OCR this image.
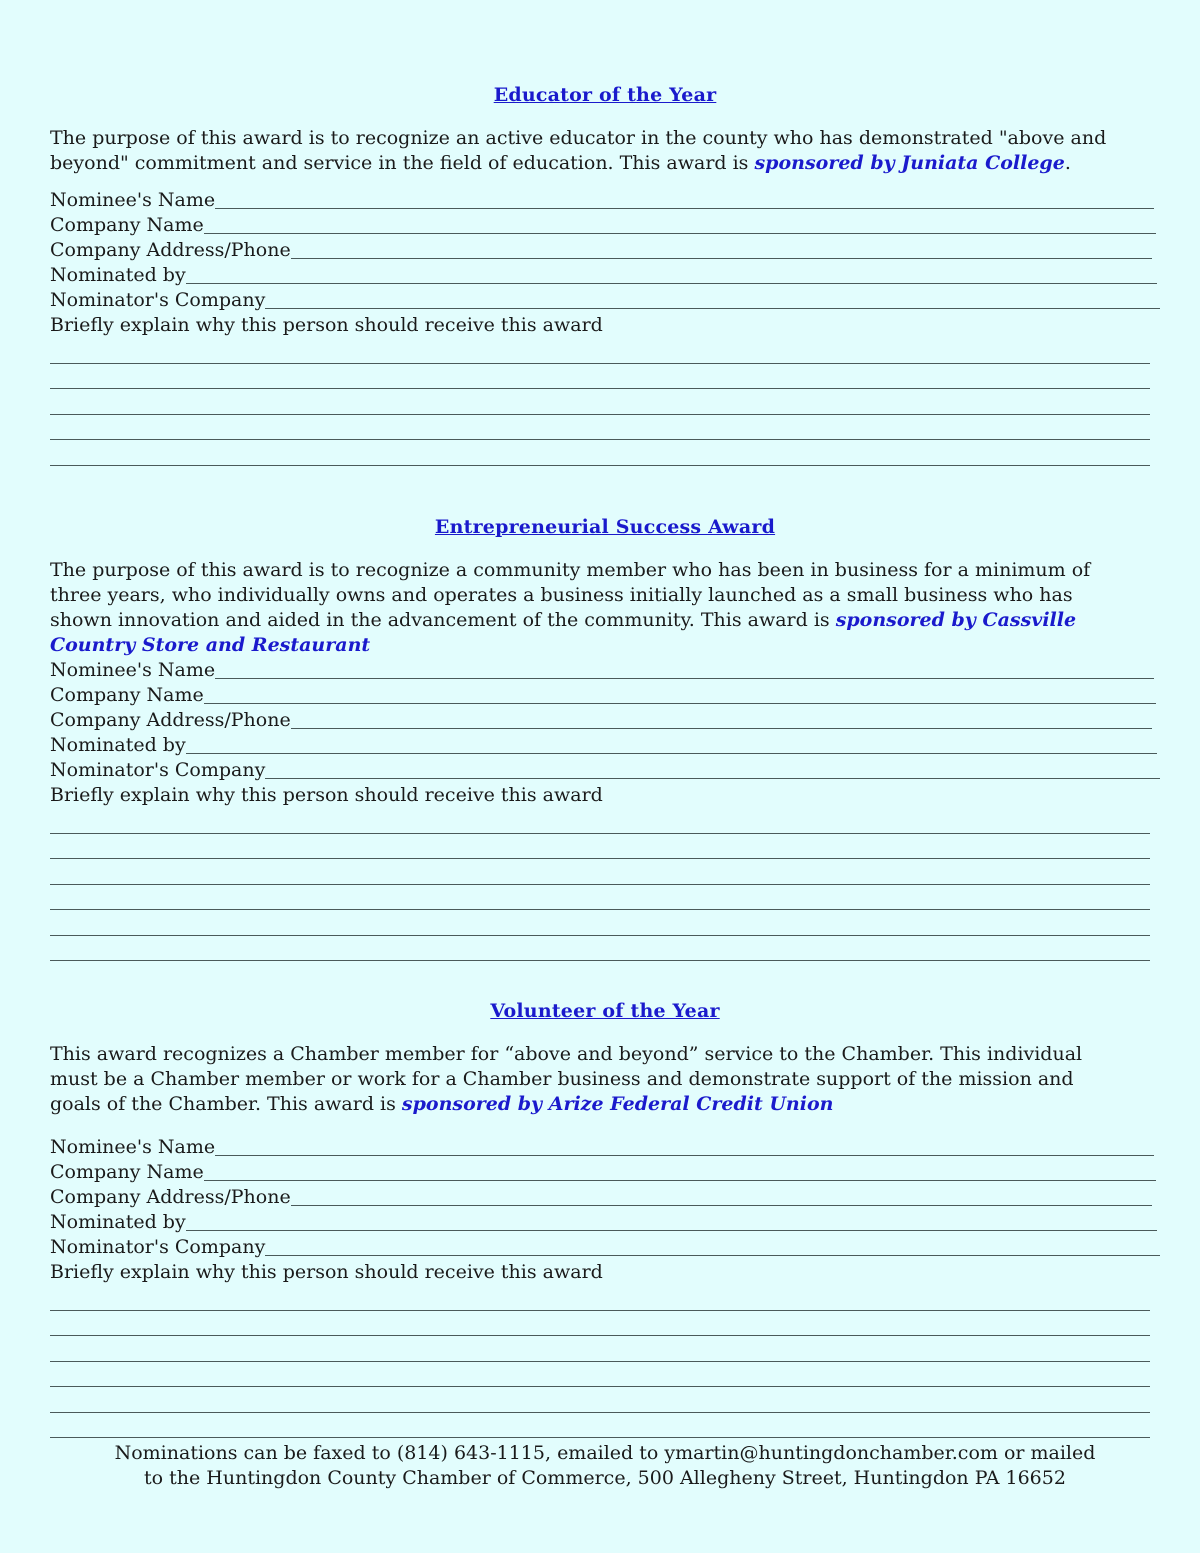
Educator of the Year

The purpose of this award is to recognize an active educator in the county who has demonstrated "above and beyond" commitment and service in the field of education. This award is sponsored by Juniata College.

Nominee's Name
Company Name
Company Address/Phone
Nominated by
Nominator's Company
Briefly explain why this person should receive this award
Entrepreneurial Success Award

The purpose of this award is to recognize a community member who has been in business for a minimum of three years, who individually owns and operates a business initially launched as a small business who has shown innovation and aided in the advancement of the community. This award is sponsored by Cassville Country Store and Restaurant

Nominee's Name
Company Name
Company Address/Phone
Nominated by
Nominator's Company
Briefly explain why this person should receive this award
Volunteer of the Year

This award recognizes a Chamber member for “above and beyond” service to the Chamber. This individual must be a Chamber member or work for a Chamber business and demonstrate support of the mission and goals of the Chamber. This award is sponsored by Arize Federal Credit Union

Nominee's Name
Company Name
Company Address/Phone
Nominated by
Nominator's Company
Briefly explain why this person should receive this award
Nominations can be faxed to (814) 643-1115, emailed to ymartin@huntingdonchamber.com or mailed
to the Huntingdon County Chamber of Commerce, 500 Allegheny Street, Huntingdon PA 16652
